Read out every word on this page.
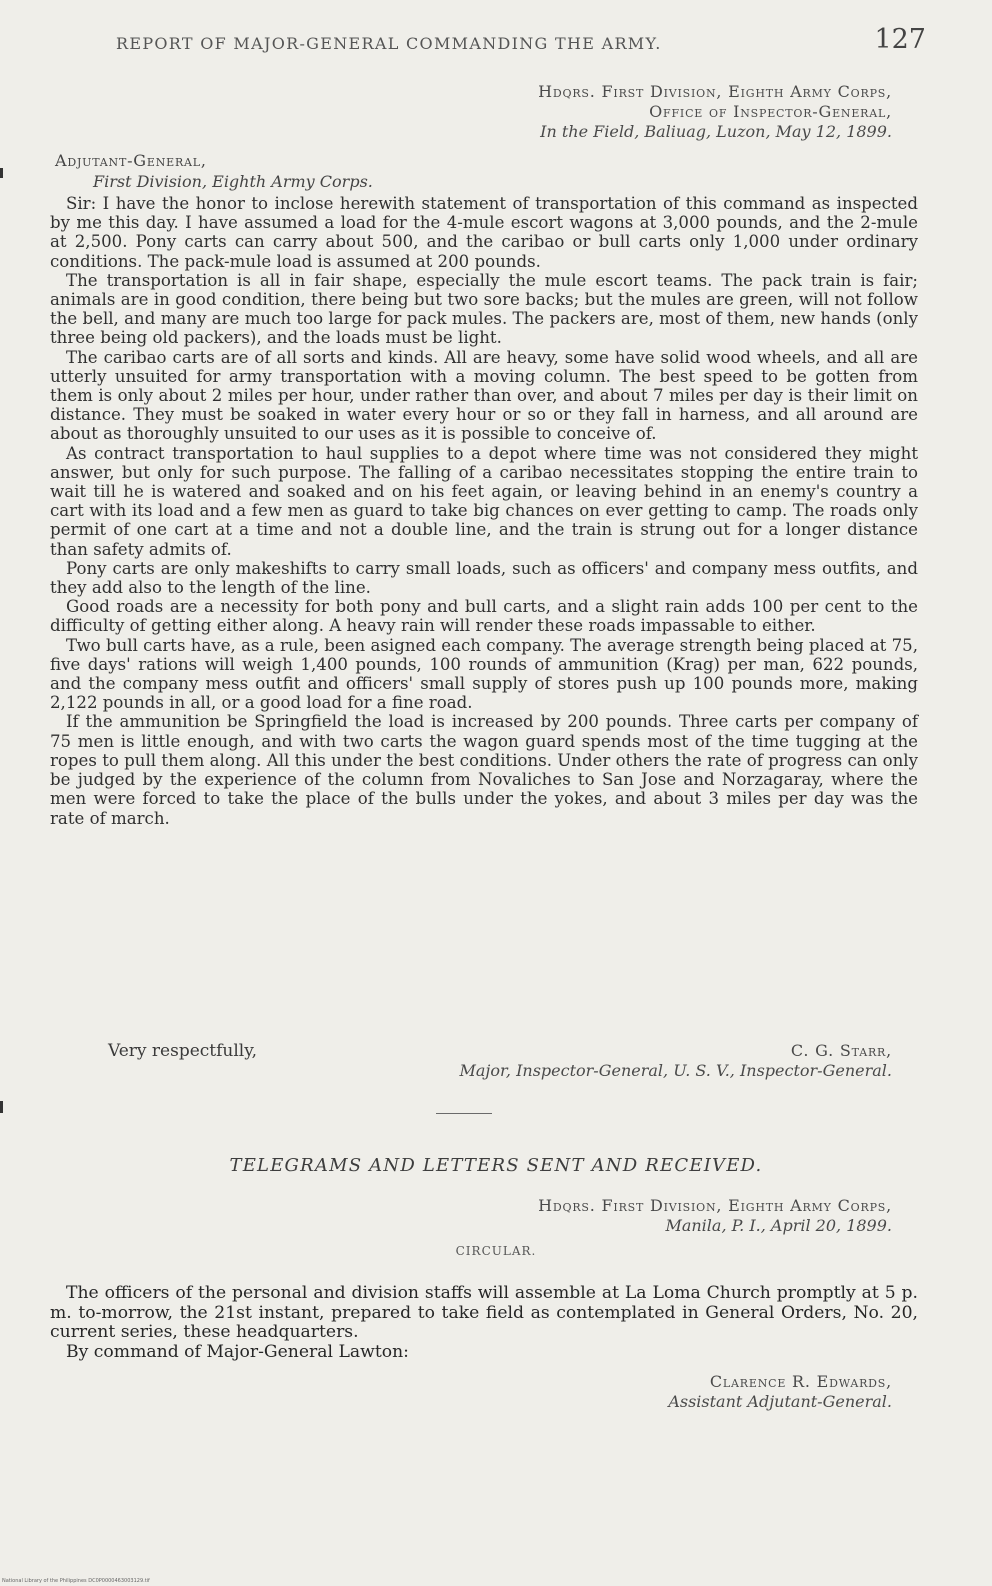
REPORT OF MAJOR-GENERAL COMMANDING THE ARMY.	127
Hdqrs. First Division, Eighth Army Corps,
Office of Inspector-General,
In the Field, Baliuag, Luzon, May 12, 1899.
Adjutant-General,
First Division, Eighth Army Corps.

Sir: I have the honor to inclose herewith statement of transportation of this command as inspected by me this day. I have assumed a load for the 4-mule escort wagons at 3,000 pounds, and the 2-mule at 2,500. Pony carts can carry about 500, and the caribao or bull carts only 1,000 under ordinary conditions. The pack-mule load is assumed at 200 pounds.

The transportation is all in fair shape, especially the mule escort teams. The pack train is fair; animals are in good condition, there being but two sore backs; but the mules are green, will not follow the bell, and many are much too large for pack mules. The packers are, most of them, new hands (only three being old packers), and the loads must be light.

The caribao carts are of all sorts and kinds. All are heavy, some have solid wood wheels, and all are utterly unsuited for army transportation with a moving column. The best speed to be gotten from them is only about 2 miles per hour, under rather than over, and about 7 miles per day is their limit on distance. They must be soaked in water every hour or so or they fall in harness, and all around are about as thoroughly unsuited to our uses as it is possible to conceive of.

As contract transportation to haul supplies to a depot where time was not considered they might answer, but only for such purpose. The falling of a caribao necessitates stopping the entire train to wait till he is watered and soaked and on his feet again, or leaving behind in an enemy's country a cart with its load and a few men as guard to take big chances on ever getting to camp. The roads only permit of one cart at a time and not a double line, and the train is strung out for a longer distance than safety admits of.

Pony carts are only makeshifts to carry small loads, such as officers' and company mess outfits, and they add also to the length of the line.

Good roads are a necessity for both pony and bull carts, and a slight rain adds 100 per cent to the difficulty of getting either along. A heavy rain will render these roads impassable to either.

Two bull carts have, as a rule, been asigned each company. The average strength being placed at 75, five days' rations will weigh 1,400 pounds, 100 rounds of ammunition (Krag) per man, 622 pounds, and the company mess outfit and officers' small supply of stores push up 100 pounds more, making 2,122 pounds in all, or a good load for a fine road.

If the ammunition be Springfield the load is increased by 200 pounds. Three carts per company of 75 men is little enough, and with two carts the wagon guard spends most of the time tugging at the ropes to pull them along. All this under the best conditions. Under others the rate of progress can only be judged by the experience of the column from Novaliches to San Jose and Norzagaray, where the men were forced to take the place of the bulls under the yokes, and about 3 miles per day was the rate of march.

Very respectfully,	C. G. Starr,
Major, Inspector-General, U. S. V., Inspector-General.
TELEGRAMS AND LETTERS SENT AND RECEIVED.
Hdqrs. First Division, Eighth Army Corps,
Manila, P. I., April 20, 1899.
CIRCULAR.

The officers of the personal and division staffs will assemble at La Loma Church promptly at 5 p. m. to-morrow, the 21st instant, prepared to take field as contemplated in General Orders, No. 20, current series, these headquarters.

By command of Major-General Lawton:

Clarence R. Edwards,
Assistant Adjutant-General.
National Library of the Philippines DC0P0000463003129.tif
